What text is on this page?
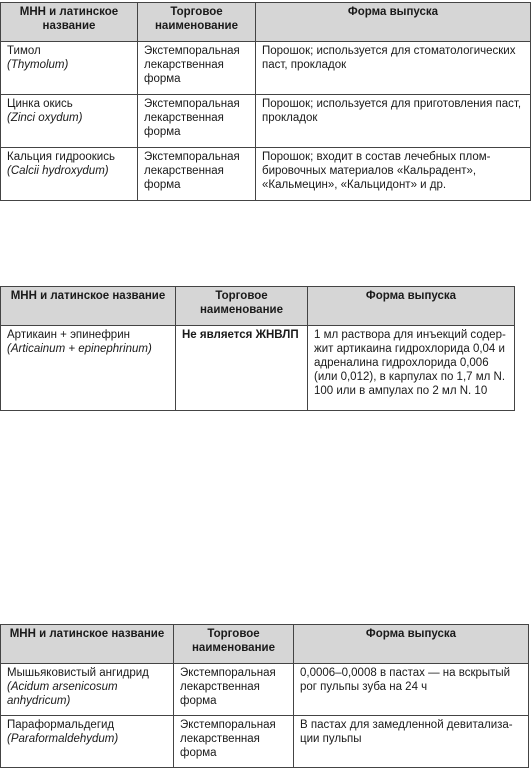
МНН и латинское название	Торговое наименование	Форма выпуска

Тимол
(Thymolum)	Экстемпоральная лекарственная форма	Порошок; используется для стоматологических паст, прокладок

Цинка окись
(Zinci oxydum)	Экстемпоральная лекарственная форма	Порошок; используется для приготовления паст, прокладок

Кальция гидроокись
(Calcii hydroxydum)	Экстемпоральная лекарственная форма	Порошок; входит в состав лечебных пломбировочных материалов «Кальрадент», «Кальмецин», «Кальцидонт» и др.
МНН и латинское название	Торговое наименование	Форма выпуска

Артикаин + эпинефрин
(Articainum + epinephrinum)	Не является ЖНВЛП	1 мл раствора для инъекций содержит артикаина гидрохлорида 0,04 и адреналина гидрохлорида 0,006 (или 0,012), в карпулах по 1,7 мл N. 100 или в ампулах по 2 мл N. 10
МНН и латинское название	Торговое наименование	Форма выпуска

Мышьяковистый ангидрид
(Acidum arsenicosum anhydricum)	Экстемпоральная лекарственная форма	0,0006–0,0008 в пастах — на вскрытый рог пульпы зуба на 24 ч

Параформальдегид
(Paraformaldehydum)	Экстемпоральная лекарственная форма	В пастах для замедленной девитализации пульпы
